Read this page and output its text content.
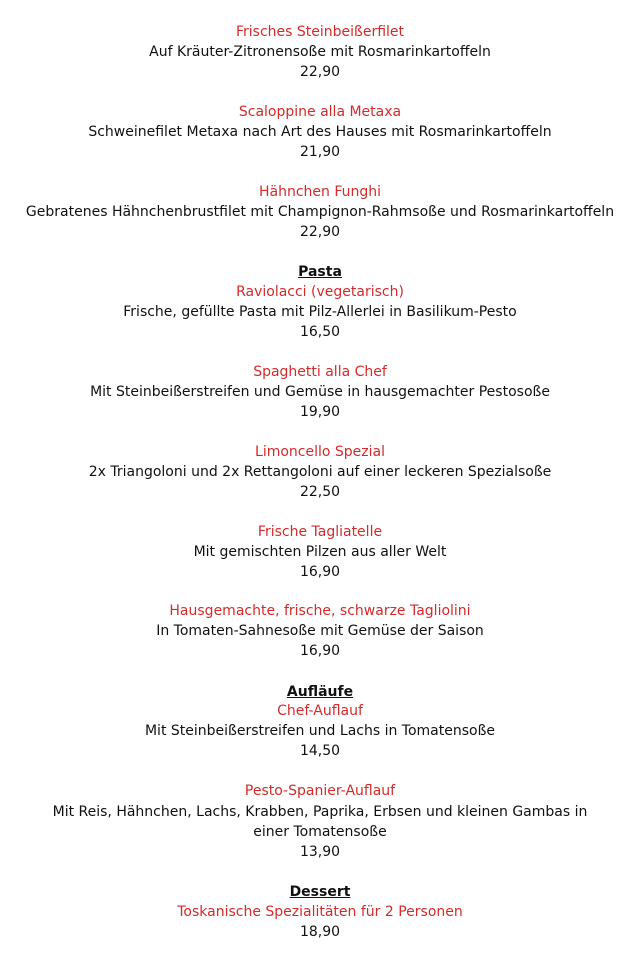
Frisches Steinbeißerfilet
Auf Kräuter-Zitronensoße mit Rosmarinkartoffeln
22,90
Scaloppine alla Metaxa
Schweinefilet Metaxa nach Art des Hauses mit Rosmarinkartoffeln
21,90
Hähnchen Funghi
Gebratenes Hähnchenbrustfilet mit Champignon-Rahmsoße und Rosmarinkartoffeln
22,90
Pasta
Raviolacci (vegetarisch)
Frische, gefüllte Pasta mit Pilz-Allerlei in Basilikum-Pesto
16,50
Spaghetti alla Chef
Mit Steinbeißerstreifen und Gemüse in hausgemachter Pestosoße
19,90
Limoncello Spezial
2x Triangoloni und 2x Rettangoloni auf einer leckeren Spezialsoße
22,50
Frische Tagliatelle
Mit gemischten Pilzen aus aller Welt
16,90
Hausgemachte, frische, schwarze Tagliolini
In Tomaten-Sahnesoße mit Gemüse der Saison
16,90
Aufläufe
Chef-Auflauf
Mit Steinbeißerstreifen und Lachs in Tomatensoße
14,50
Pesto-Spanier-Auflauf
Mit Reis, Hähnchen, Lachs, Krabben, Paprika, Erbsen und kleinen Gambas in einer Tomatensoße
13,90
Dessert
Toskanische Spezialitäten für 2 Personen
18,90
